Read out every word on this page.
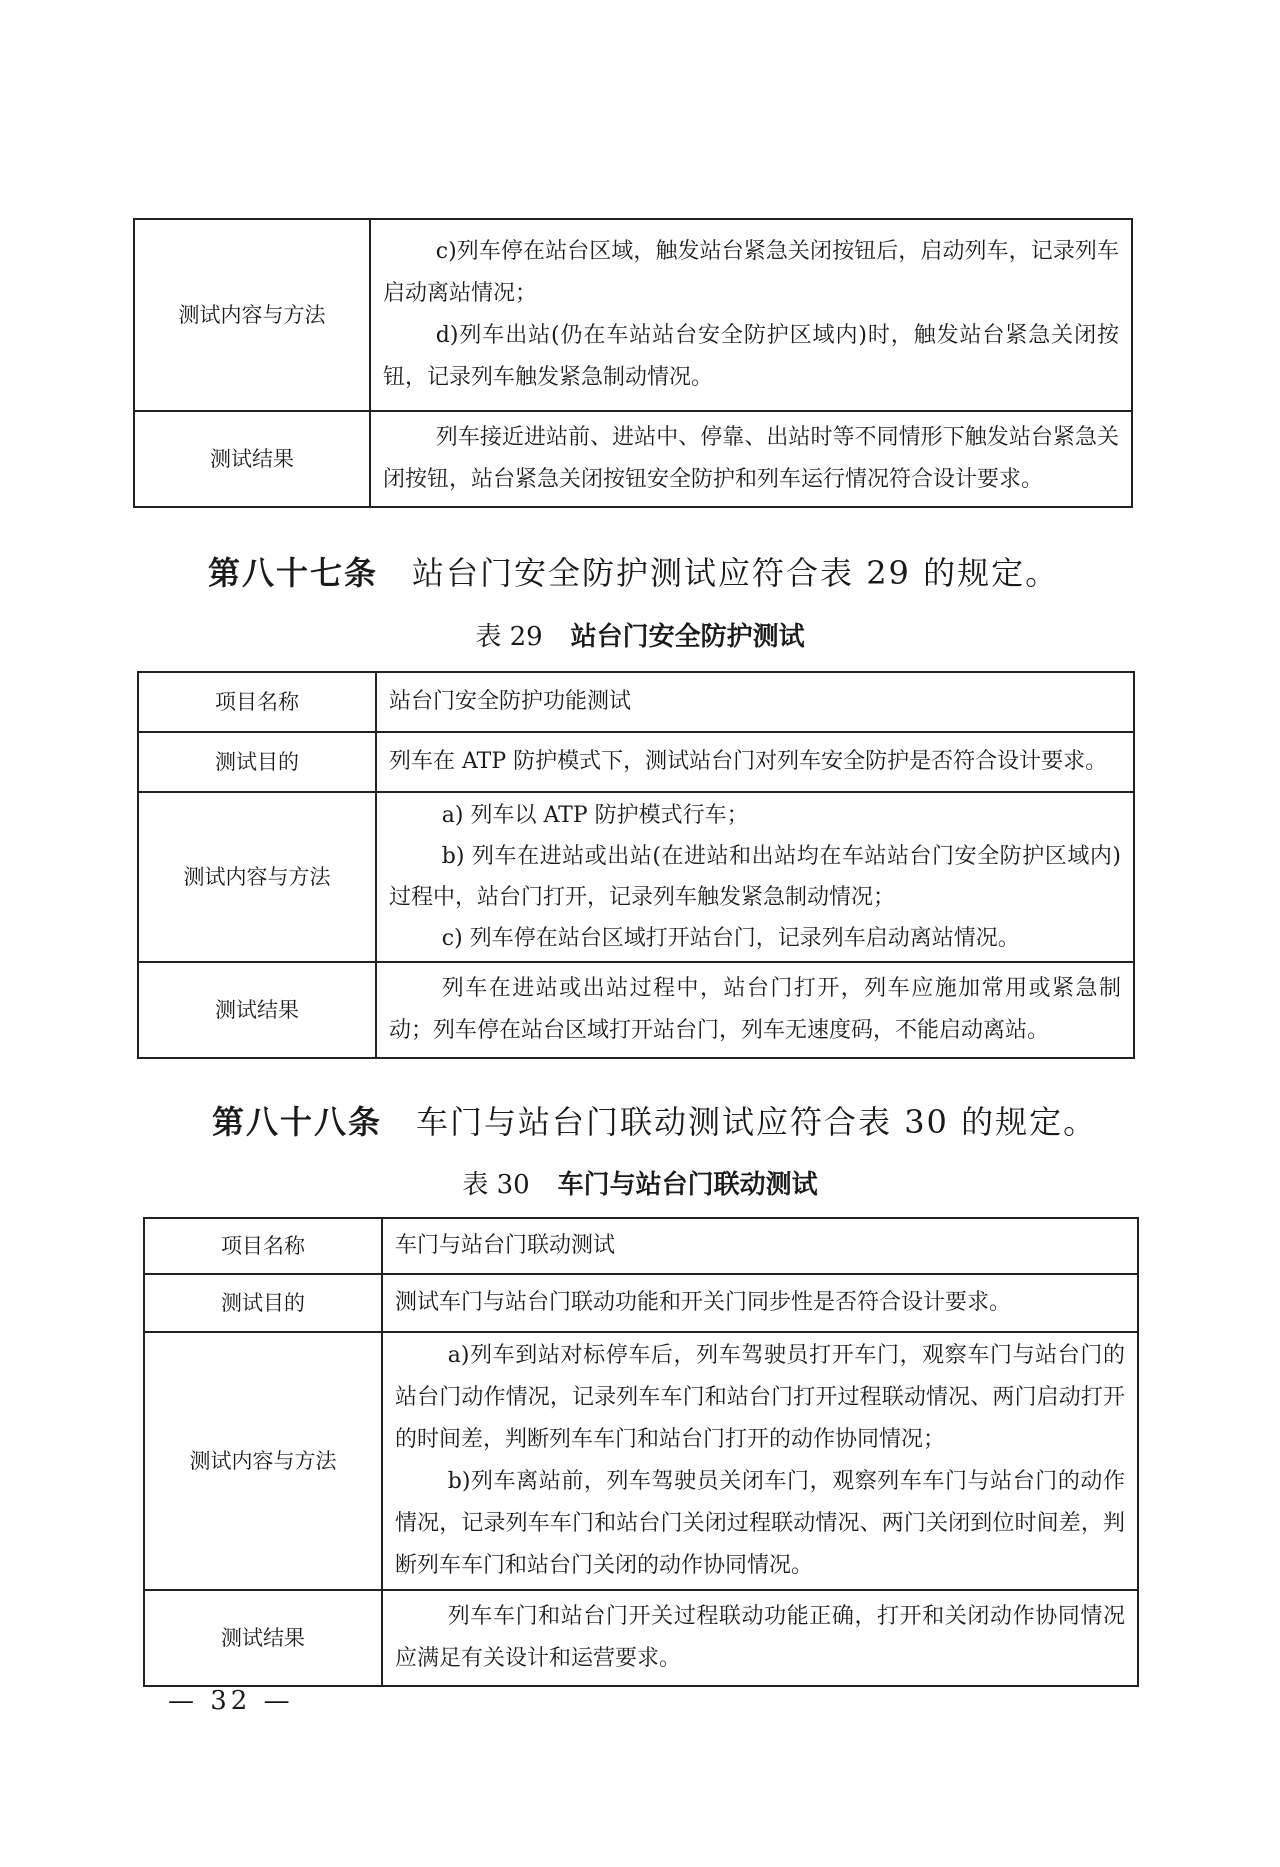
测试内容与方法	c)列车停在站台区域，触发站台紧急关闭按钮后，启动列车，记录列车启动离站情况；

d)列车出站(仍在车站站台安全防护区域内)时，触发站台紧急关闭按钮，记录列车触发紧急制动情况。

测试结果	列车接近进站前、进站中、停靠、出站时等不同情形下触发站台紧急关闭按钮，站台紧急关闭按钮安全防护和列车运行情况符合设计要求。

第八十七条 站台门安全防护测试应符合表 29 的规定。
表 29 站台门安全防护测试
项目名称	站台门安全防护功能测试

测试目的	列车在 ATP 防护模式下，测试站台门对列车安全防护是否符合设计要求。

测试内容与方法	a) 列车以 ATP 防护模式行车；

b) 列车在进站或出站(在进站和出站均在车站站台门安全防护区域内)过程中，站台门打开，记录列车触发紧急制动情况；

c) 列车停在站台区域打开站台门，记录列车启动离站情况。

测试结果	列车在进站或出站过程中，站台门打开，列车应施加常用或紧急制动；列车停在站台区域打开站台门，列车无速度码，不能启动离站。

第八十八条 车门与站台门联动测试应符合表 30 的规定。
表 30 车门与站台门联动测试
项目名称	车门与站台门联动测试

测试目的	测试车门与站台门联动功能和开关门同步性是否符合设计要求。

测试内容与方法	a)列车到站对标停车后，列车驾驶员打开车门，观察车门与站台门的站台门动作情况，记录列车车门和站台门打开过程联动情况、两门启动打开的时间差，判断列车车门和站台门打开的动作协同情况；

b)列车离站前，列车驾驶员关闭车门，观察列车车门与站台门的动作情况，记录列车车门和站台门关闭过程联动情况、两门关闭到位时间差，判断列车车门和站台门关闭的动作协同情况。

测试结果	列车车门和站台门开关过程联动功能正确，打开和关闭动作协同情况应满足有关设计和运营要求。

— 32 —
